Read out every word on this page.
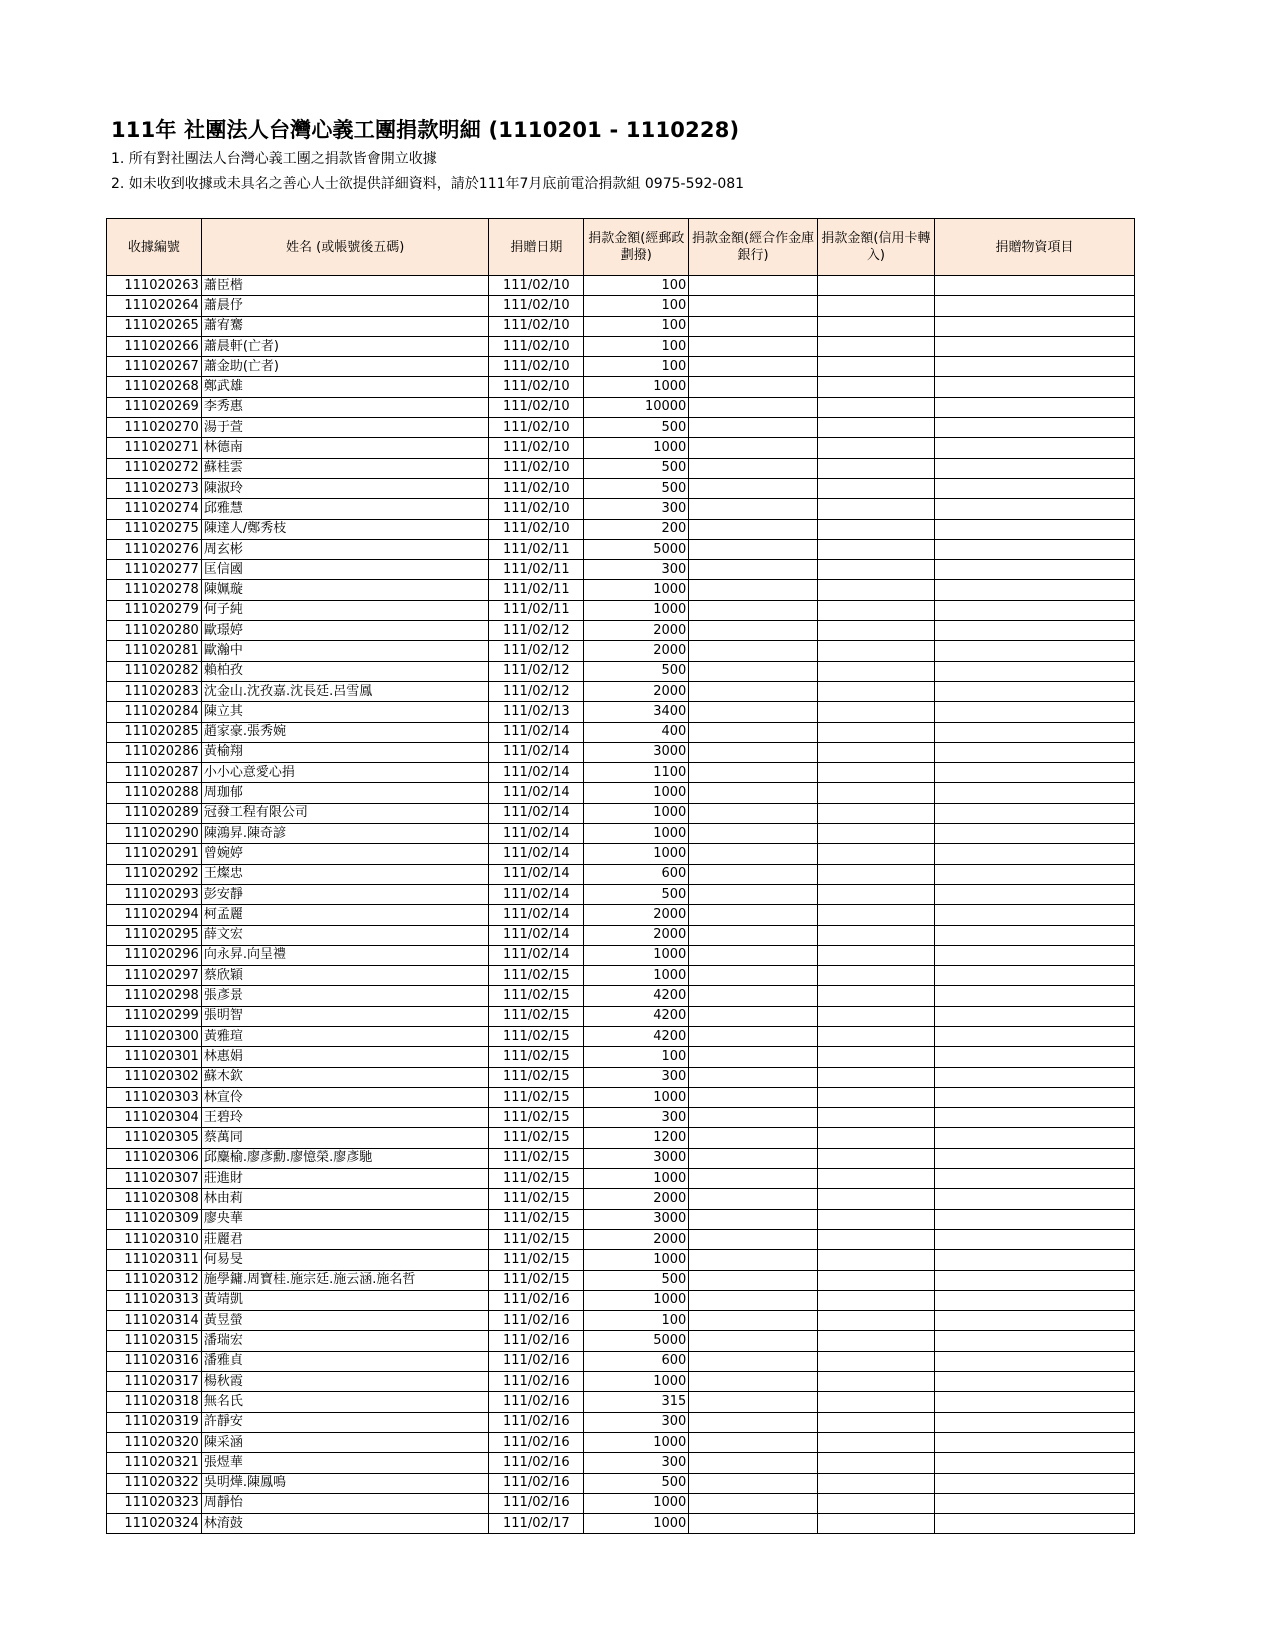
111年 社團法人台灣心義工團捐款明細 (1110201 - 1110228)
1. 所有對社團法人台灣心義工團之捐款皆會開立收據
2. 如未收到收據或未具名之善心人士欲提供詳細資料，請於111年7月底前電洽捐款組 0975-592-081
收據編號	姓名 (或帳號後五碼)	捐贈日期	捐款金額(經郵政劃撥)	捐款金額(經合作金庫銀行)	捐款金額(信用卡轉入)	捐贈物資項目
111020263	蕭臣楷	111/02/10	100			
111020264	蕭晨伃	111/02/10	100			
111020265	蕭宥騫	111/02/10	100			
111020266	蕭晨軒(亡者)	111/02/10	100			
111020267	蕭金助(亡者)	111/02/10	100			
111020268	鄭武雄	111/02/10	1000			
111020269	李秀惠	111/02/10	10000			
111020270	湯于萱	111/02/10	500			
111020271	林德南	111/02/10	1000			
111020272	蘇桂雲	111/02/10	500			
111020273	陳淑玲	111/02/10	500			
111020274	邱雅慧	111/02/10	300			
111020275	陳達人/鄭秀枝	111/02/10	200			
111020276	周玄彬	111/02/11	5000			
111020277	匡信國	111/02/11	300			
111020278	陳姵璇	111/02/11	1000			
111020279	何子純	111/02/11	1000			
111020280	歐璟婷	111/02/12	2000			
111020281	歐瀚中	111/02/12	2000			
111020282	賴柏孜	111/02/12	500			
111020283	沈金山.沈孜嘉.沈長廷.呂雪鳳	111/02/12	2000			
111020284	陳立其	111/02/13	3400			
111020285	趙家豪.張秀婉	111/02/14	400			
111020286	黃榆翔	111/02/14	3000			
111020287	小小心意愛心捐	111/02/14	1100			
111020288	周珈郁	111/02/14	1000			
111020289	冠發工程有限公司	111/02/14	1000			
111020290	陳鴻昇.陳奇諺	111/02/14	1000			
111020291	曾婉婷	111/02/14	1000			
111020292	王燦忠	111/02/14	600			
111020293	彭安靜	111/02/14	500			
111020294	柯孟麗	111/02/14	2000			
111020295	薛文宏	111/02/14	2000			
111020296	向永昇.向呈禮	111/02/14	1000			
111020297	蔡欣穎	111/02/15	1000			
111020298	張彥景	111/02/15	4200			
111020299	張明智	111/02/15	4200			
111020300	黃雅瑄	111/02/15	4200			
111020301	林惠娟	111/02/15	100			
111020302	蘇木欽	111/02/15	300			
111020303	林宣伶	111/02/15	1000			
111020304	王碧玲	111/02/15	300			
111020305	蔡萬同	111/02/15	1200			
111020306	邱麋榆.廖彥勳.廖憶榮.廖彥馳	111/02/15	3000			
111020307	莊進財	111/02/15	1000			
111020308	林由莉	111/02/15	2000			
111020309	廖央華	111/02/15	3000			
111020310	莊麗君	111/02/15	2000			
111020311	何易旻	111/02/15	1000			
111020312	施學鏞.周寶桂.施宗廷.施云涵.施名哲	111/02/15	500			
111020313	黃靖凱	111/02/16	1000			
111020314	黃昱螢	111/02/16	100			
111020315	潘瑞宏	111/02/16	5000			
111020316	潘雅貞	111/02/16	600			
111020317	楊秋霞	111/02/16	1000			
111020318	無名氏	111/02/16	315			
111020319	許靜安	111/02/16	300			
111020320	陳采涵	111/02/16	1000			
111020321	張煜華	111/02/16	300			
111020322	吳明燁.陳鳳鳴	111/02/16	500			
111020323	周靜怡	111/02/16	1000			
111020324	林淯鼓	111/02/17	1000			
